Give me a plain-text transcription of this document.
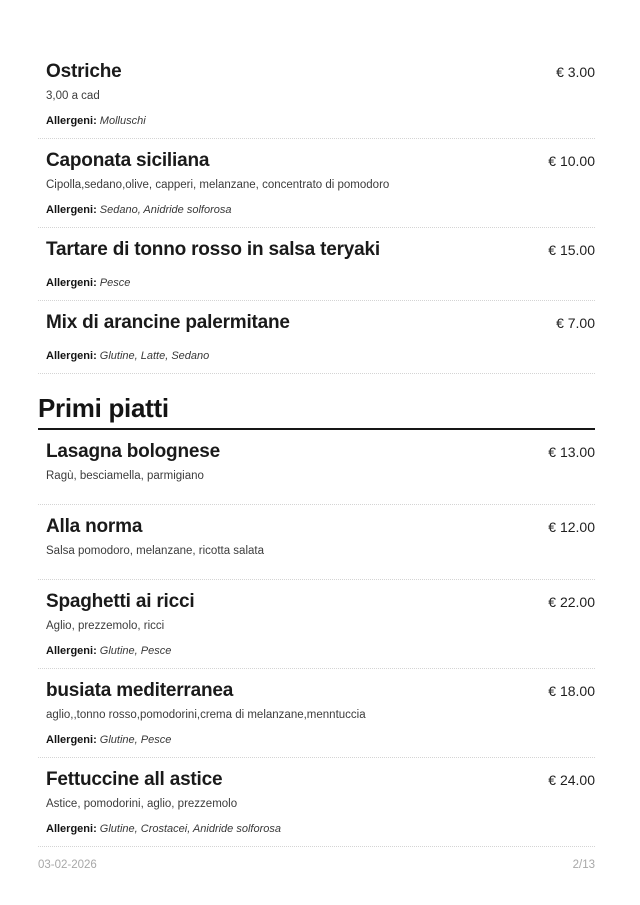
Ostriche	€ 3.00

3,00 a cad

Allergeni: Molluschi

Caponata siciliana	€ 10.00

Cipolla,sedano,olive, capperi, melanzane, concentrato di pomodoro

Allergeni: Sedano, Anidride solforosa

Tartare di tonno rosso in salsa teryaki	€ 15.00

Allergeni: Pesce

Mix di arancine palermitane	€ 7.00

Allergeni: Glutine, Latte, Sedano

Primi piatti
Lasagna bolognese	€ 13.00

Ragù, besciamella, parmigiano

Alla norma	€ 12.00

Salsa pomodoro, melanzane, ricotta salata

Spaghetti ai ricci	€ 22.00

Aglio, prezzemolo, ricci

Allergeni: Glutine, Pesce

busiata mediterranea	€ 18.00

aglio,,tonno rosso,pomodorini,crema di melanzane,menntuccia

Allergeni: Glutine, Pesce

Fettuccine all astice	€ 24.00

Astice, pomodorini, aglio, prezzemolo

Allergeni: Glutine, Crostacei, Anidride solforosa

03-02-2026	2/13
